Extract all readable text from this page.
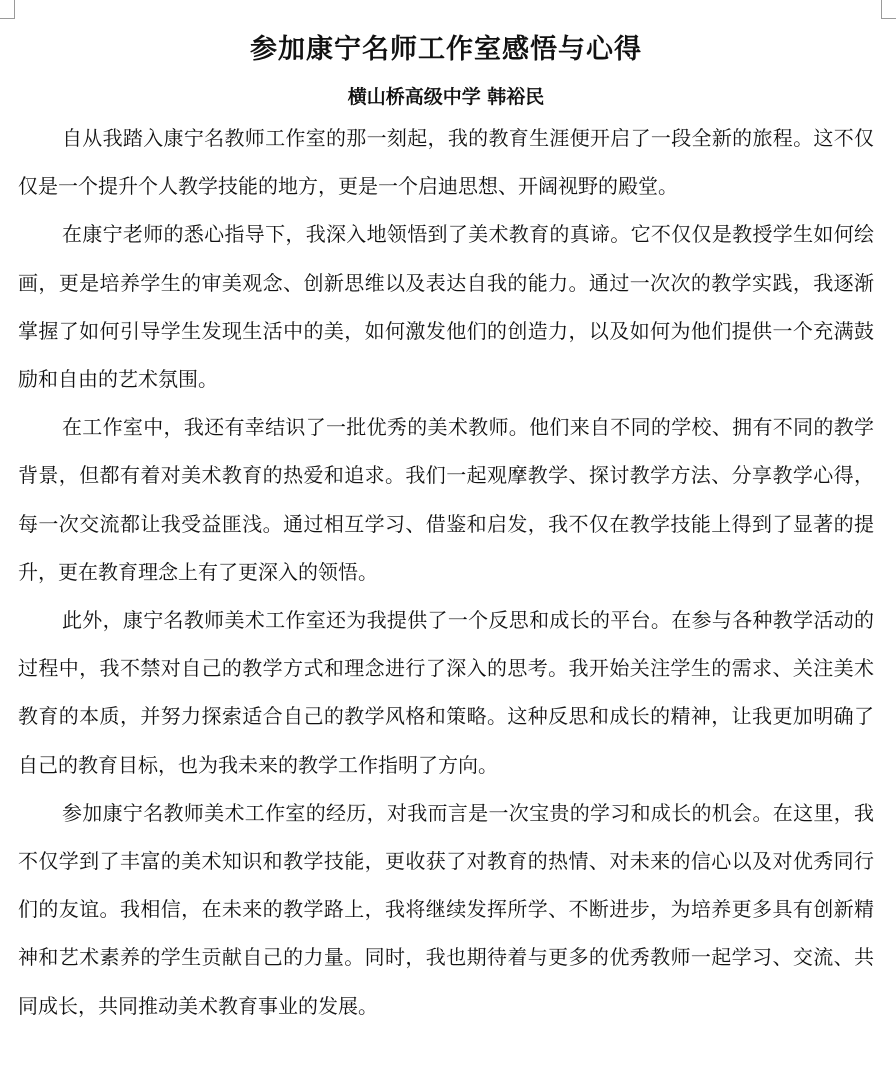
参加康宁名师工作室感悟与心得
横山桥高级中学 韩裕民

自从我踏入康宁名教师工作室的那一刻起，我的教育生涯便开启了一段全新的旅程。这不仅仅是一个提升个人教学技能的地方，更是一个启迪思想、开阔视野的殿堂。

在康宁老师的悉心指导下，我深入地领悟到了美术教育的真谛。它不仅仅是教授学生如何绘画，更是培养学生的审美观念、创新思维以及表达自我的能力。通过一次次的教学实践，我逐渐掌握了如何引导学生发现生活中的美，如何激发他们的创造力，以及如何为他们提供一个充满鼓励和自由的艺术氛围。

在工作室中，我还有幸结识了一批优秀的美术教师。他们来自不同的学校、拥有不同的教学背景，但都有着对美术教育的热爱和追求。我们一起观摩教学、探讨教学方法、分享教学心得，每一次交流都让我受益匪浅。通过相互学习、借鉴和启发，我不仅在教学技能上得到了显著的提升，更在教育理念上有了更深入的领悟。

此外，康宁名教师美术工作室还为我提供了一个反思和成长的平台。在参与各种教学活动的过程中，我不禁对自己的教学方式和理念进行了深入的思考。我开始关注学生的需求、关注美术教育的本质，并努力探索适合自己的教学风格和策略。这种反思和成长的精神，让我更加明确了自己的教育目标，也为我未来的教学工作指明了方向。

参加康宁名教师美术工作室的经历，对我而言是一次宝贵的学习和成长的机会。在这里，我不仅学到了丰富的美术知识和教学技能，更收获了对教育的热情、对未来的信心以及对优秀同行们的友谊。我相信，在未来的教学路上，我将继续发挥所学、不断进步，为培养更多具有创新精神和艺术素养的学生贡献自己的力量。同时，我也期待着与更多的优秀教师一起学习、交流、共同成长，共同推动美术教育事业的发展。
